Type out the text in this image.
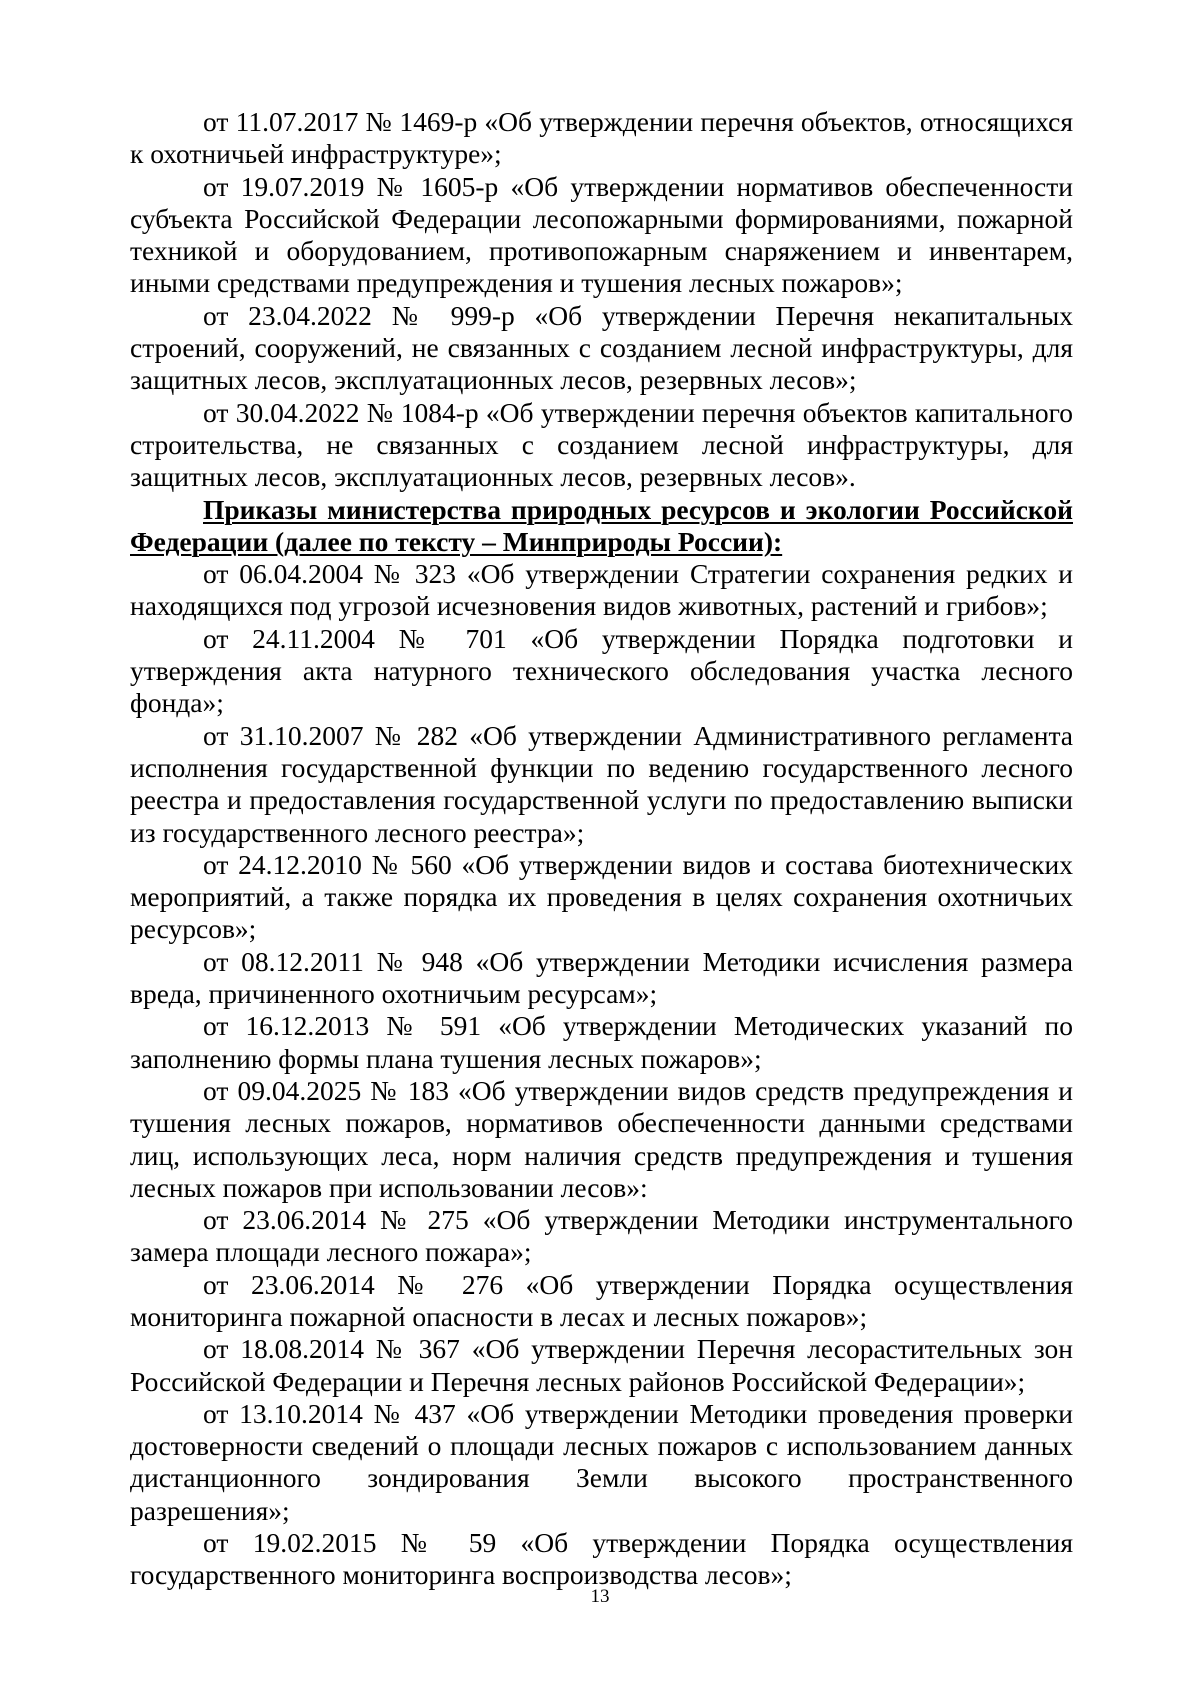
от 11.07.2017 № 1469-р «Об утверждении перечня объектов, относящихся к охотничьей инфраструктуре»;

от 19.07.2019 № 1605-р «Об утверждении нормативов обеспеченности субъекта Российской Федерации лесопожарными формированиями, пожарной техникой и оборудованием, противопожарным снаряжением и инвентарем, иными средствами предупреждения и тушения лесных пожаров»;

от 23.04.2022 № 999-р «Об утверждении Перечня некапитальных строений, сооружений, не связанных с созданием лесной инфраструктуры, для защитных лесов, эксплуатационных лесов, резервных лесов»;

от 30.04.2022 № 1084-р «Об утверждении перечня объектов капитального строительства, не связанных с созданием лесной инфраструктуры, для защитных лесов, эксплуатационных лесов, резервных лесов».

Приказы министерства природных ресурсов и экологии Российской Федерации (далее по тексту – Минприроды России):

от 06.04.2004 № 323 «Об утверждении Стратегии сохранения редких и находящихся под угрозой исчезновения видов животных, растений и грибов»;

от 24.11.2004 № 701 «Об утверждении Порядка подготовки и утверждения акта натурного технического обследования участка лесного фонда»;

от 31.10.2007 № 282 «Об утверждении Административного регламента исполнения государственной функции по ведению государственного лесного реестра и предоставления государственной услуги по предоставлению выписки из государственного лесного реестра»;

от 24.12.2010 № 560 «Об утверждении видов и состава биотехнических мероприятий, а также порядка их проведения в целях сохранения охотничьих ресурсов»;

от 08.12.2011 № 948 «Об утверждении Методики исчисления размера вреда, причиненного охотничьим ресурсам»;

от 16.12.2013 № 591 «Об утверждении Методических указаний по заполнению формы плана тушения лесных пожаров»;

от 09.04.2025 № 183 «Об утверждении видов средств предупреждения и тушения лесных пожаров, нормативов обеспеченности данными средствами лиц, использующих леса, норм наличия средств предупреждения и тушения лесных пожаров при использовании лесов»:

от 23.06.2014 № 275 «Об утверждении Методики инструментального замера площади лесного пожара»;

от 23.06.2014 № 276 «Об утверждении Порядка осуществления мониторинга пожарной опасности в лесах и лесных пожаров»;

от 18.08.2014 № 367 «Об утверждении Перечня лесорастительных зон Российской Федерации и Перечня лесных районов Российской Федерации»;

от 13.10.2014 № 437 «Об утверждении Методики проведения проверки достоверности сведений о площади лесных пожаров с использованием данных дистанционного зондирования Земли высокого пространственного разрешения»;

от 19.02.2015 № 59 «Об утверждении Порядка осуществления государственного мониторинга воспроизводства лесов»;

13
